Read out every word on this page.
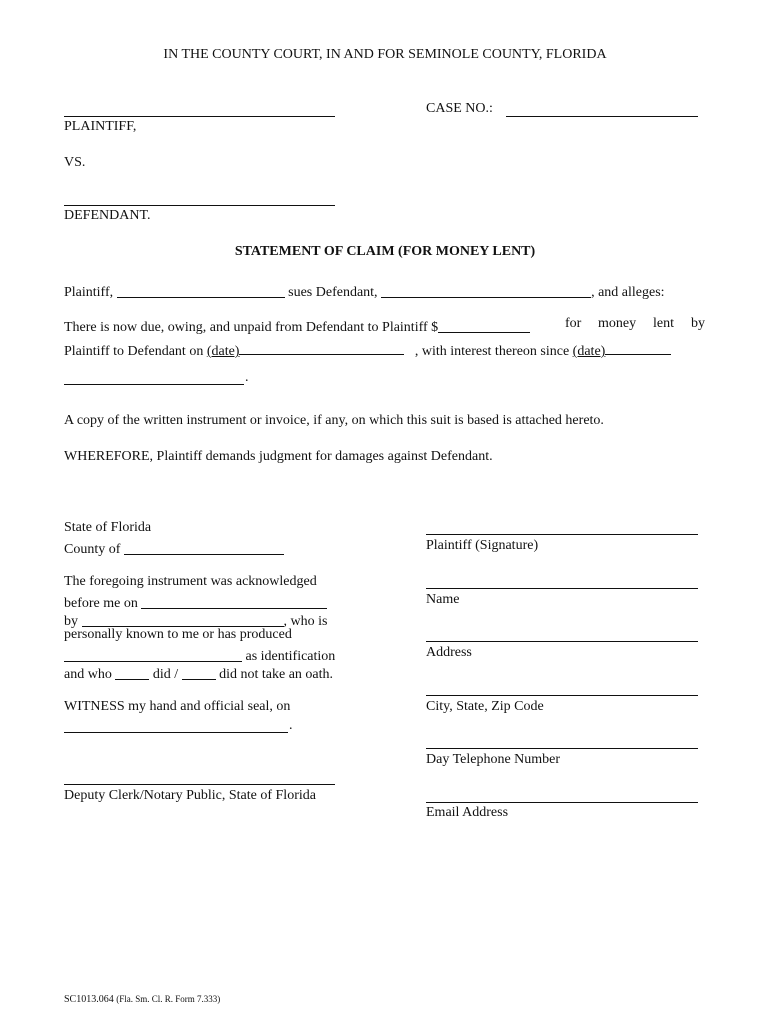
IN THE COUNTY COURT, IN AND FOR SEMINOLE COUNTY, FLORIDA
CASE NO.:
PLAINTIFF,
VS.
DEFENDANT.
STATEMENT OF CLAIM (FOR MONEY LENT)
Plaintiff,	sues Defendant,	, and alleges:
There is now due, owing, and unpaid from Defendant to Plaintiff $	for money lent by
Plaintiff to Defendant on (date)	, with interest thereon since (date)
.
A copy of the written instrument or invoice, if any, on which this suit is based is attached hereto.
WHEREFORE, Plaintiff demands judgment for damages against Defendant.
State of Florida
County of
The foregoing instrument was acknowledged
before me on
by	, who is
personally known to me or has produced
as identification
and who	did /	did not take an oath.
WITNESS my hand and official seal, on
.
Deputy Clerk/Notary Public, State of Florida
Plaintiff (Signature)
Name
Address
City, State, Zip Code
Day Telephone Number
Email Address
SC1013.064 (Fla. Sm. Cl. R. Form 7.333)
